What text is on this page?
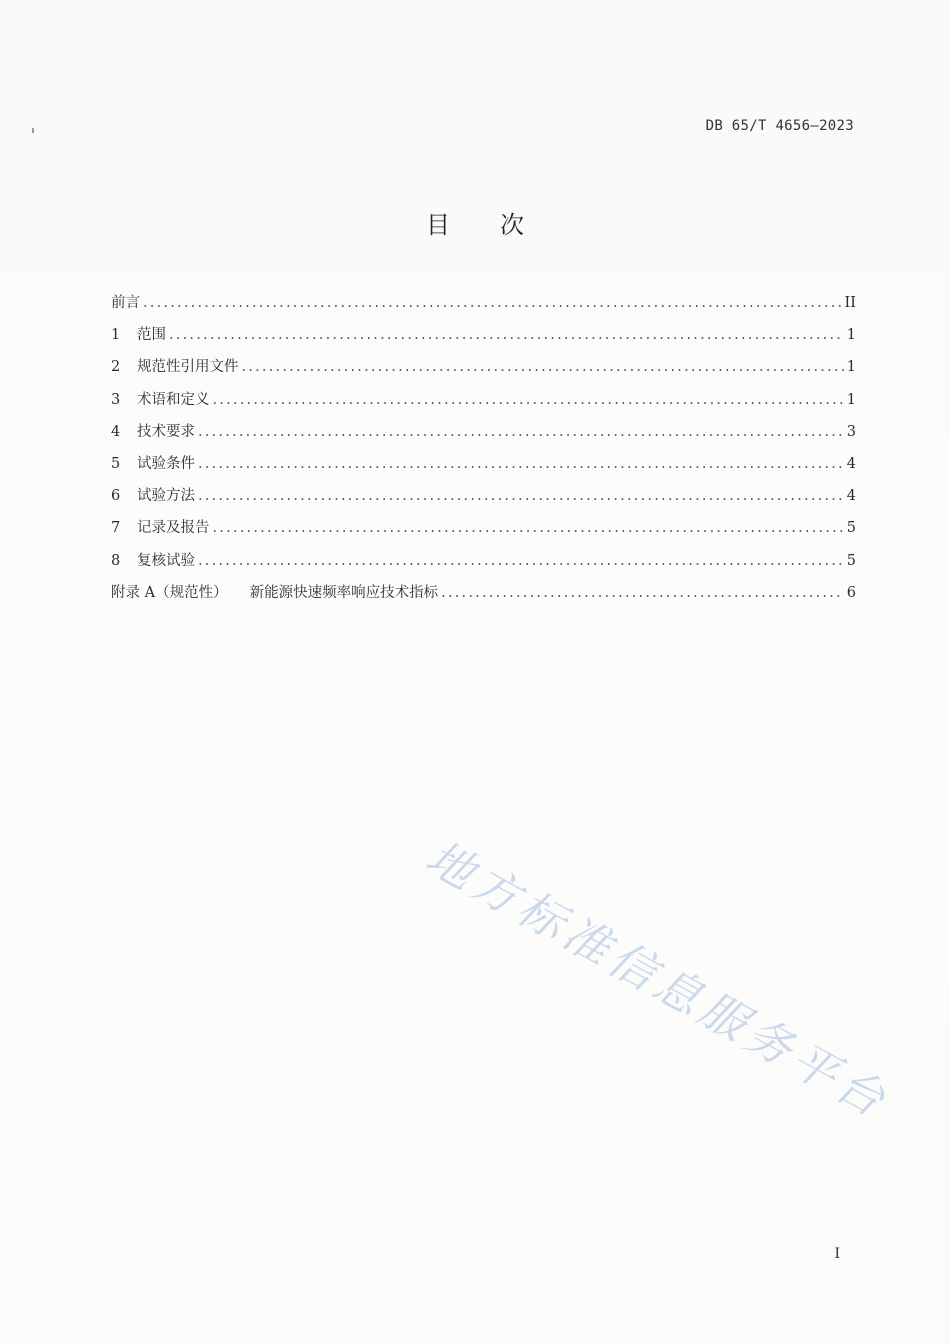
DB 65/T 4656—2023
目 次
前言 .....	II
1	范围 .....	1
2	规范性引用文件 .....	1
3	术语和定义 .....	1
4	技术要求 .....	3
5	试验条件 .....	4
6	试验方法 .....	4
7	记录及报告 .....	5
8	复核试验 .....	5
附录 A（规范性） 新能源快速频率响应技术指标 .....	6
地方标准信息服务平台
I
